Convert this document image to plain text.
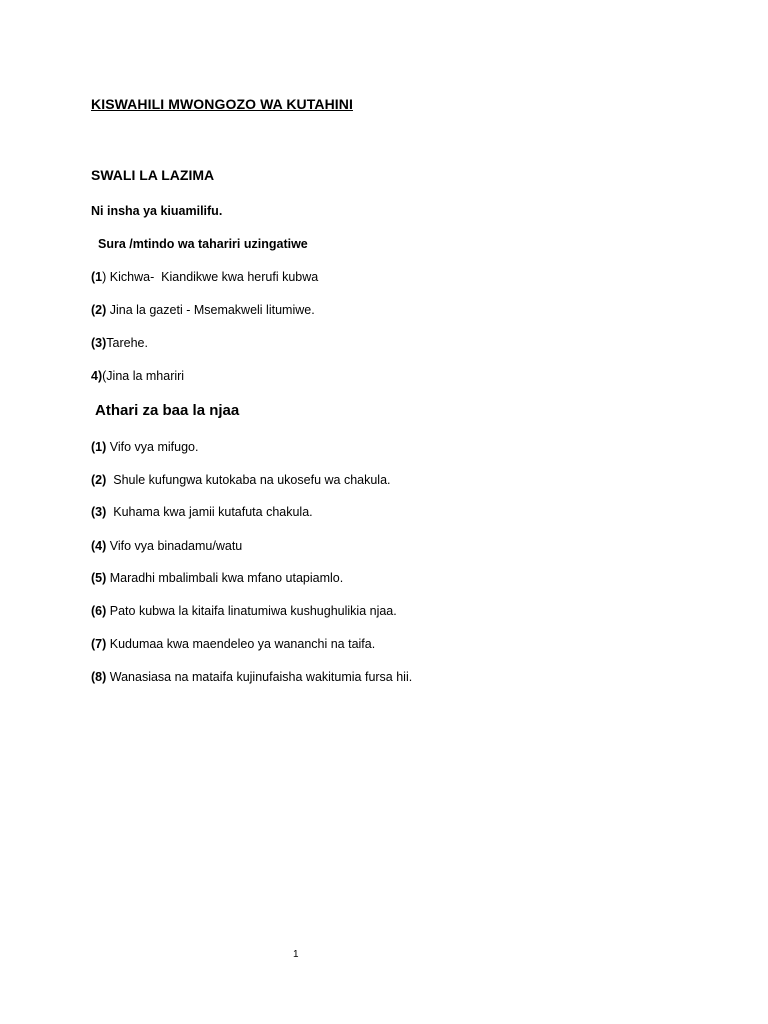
KISWAHILI MWONGOZO WA KUTAHINI
SWALI LA LAZIMA
Ni insha ya kiuamilifu.
Sura /mtindo wa tahariri uzingatiwe
(1) Kichwa-  Kiandikwe kwa herufi kubwa
(2) Jina la gazeti - Msemakweli litumiwe.
(3)Tarehe.
4)(Jina la mhariri
Athari za baa la njaa
(1) Vifo vya mifugo.
(2)  Shule kufungwa kutokaba na ukosefu wa chakula.
(3)  Kuhama kwa jamii kutafuta chakula.
(4) Vifo vya binadamu/watu
(5) Maradhi mbalimbali kwa mfano utapiamlo.
(6) Pato kubwa la kitaifa linatumiwa kushughulikia njaa.
(7) Kudumaa kwa maendeleo ya wananchi na taifa.
(8) Wanasiasa na mataifa kujinufaisha wakitumia fursa hii.
1
